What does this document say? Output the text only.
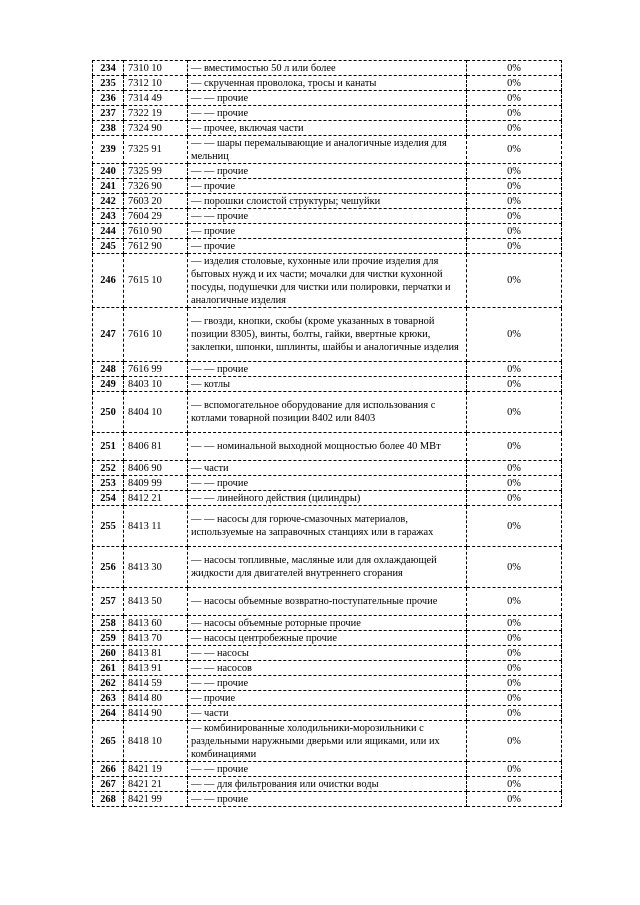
234	7310 10	— вместимостью 50 л или более	0%
235	7312 10	— скрученная проволока, тросы и канаты	0%
236	7314 49	— — прочие	0%
237	7322 19	— — прочие	0%
238	7324 90	— прочее, включая части	0%
239	7325 91	— — шары перемалывающие и аналогичные изделия для мельниц	0%
240	7325 99	— — прочие	0%
241	7326 90	— прочие	0%
242	7603 20	— порошки слоистой структуры; чешуйки	0%
243	7604 29	— — прочие	0%
244	7610 90	— прочие	0%
245	7612 90	— прочие	0%
246	7615 10	— изделия столовые, кухонные или прочие изделия для бытовых нужд и их части; мочалки для чистки кухонной посуды, подушечки для чистки или полировки, перчатки и аналогичные изделия	0%
247	7616 10	— гвозди, кнопки, скобы (кроме указанных в товарной позиции 8305), винты, болты, гайки, ввертные крюки, заклепки, шпонки, шплинты, шайбы и аналогичные изделия	0%
248	7616 99	— — прочие	0%
249	8403 10	— котлы	0%
250	8404 10	— вспомогательное оборудование для использования с котлами товарной позиции 8402 или 8403	0%
251	8406 81	— — номинальной выходной мощностью более 40 МВт	0%
252	8406 90	— части	0%
253	8409 99	— — прочие	0%
254	8412 21	— — линейного действия (цилиндры)	0%
255	8413 11	— — насосы для горюче-смазочных материалов, используемые на заправочных станциях или в гаражах	0%
256	8413 30	— насосы топливные, масляные или для охлаждающей жидкости для двигателей внутреннего сгорания	0%
257	8413 50	— насосы объемные возвратно-поступательные прочие	0%
258	8413 60	— насосы объемные роторные прочие	0%
259	8413 70	— насосы центробежные прочие	0%
260	8413 81	— — насосы	0%
261	8413 91	— — насосов	0%
262	8414 59	— — прочие	0%
263	8414 80	— прочие	0%
264	8414 90	— части	0%
265	8418 10	— комбинированные холодильники-морозильники с раздельными наружными дверьми или ящиками, или их комбинациями	0%
266	8421 19	— — прочие	0%
267	8421 21	— — для фильтрования или очистки воды	0%
268	8421 99	— — прочие	0%
